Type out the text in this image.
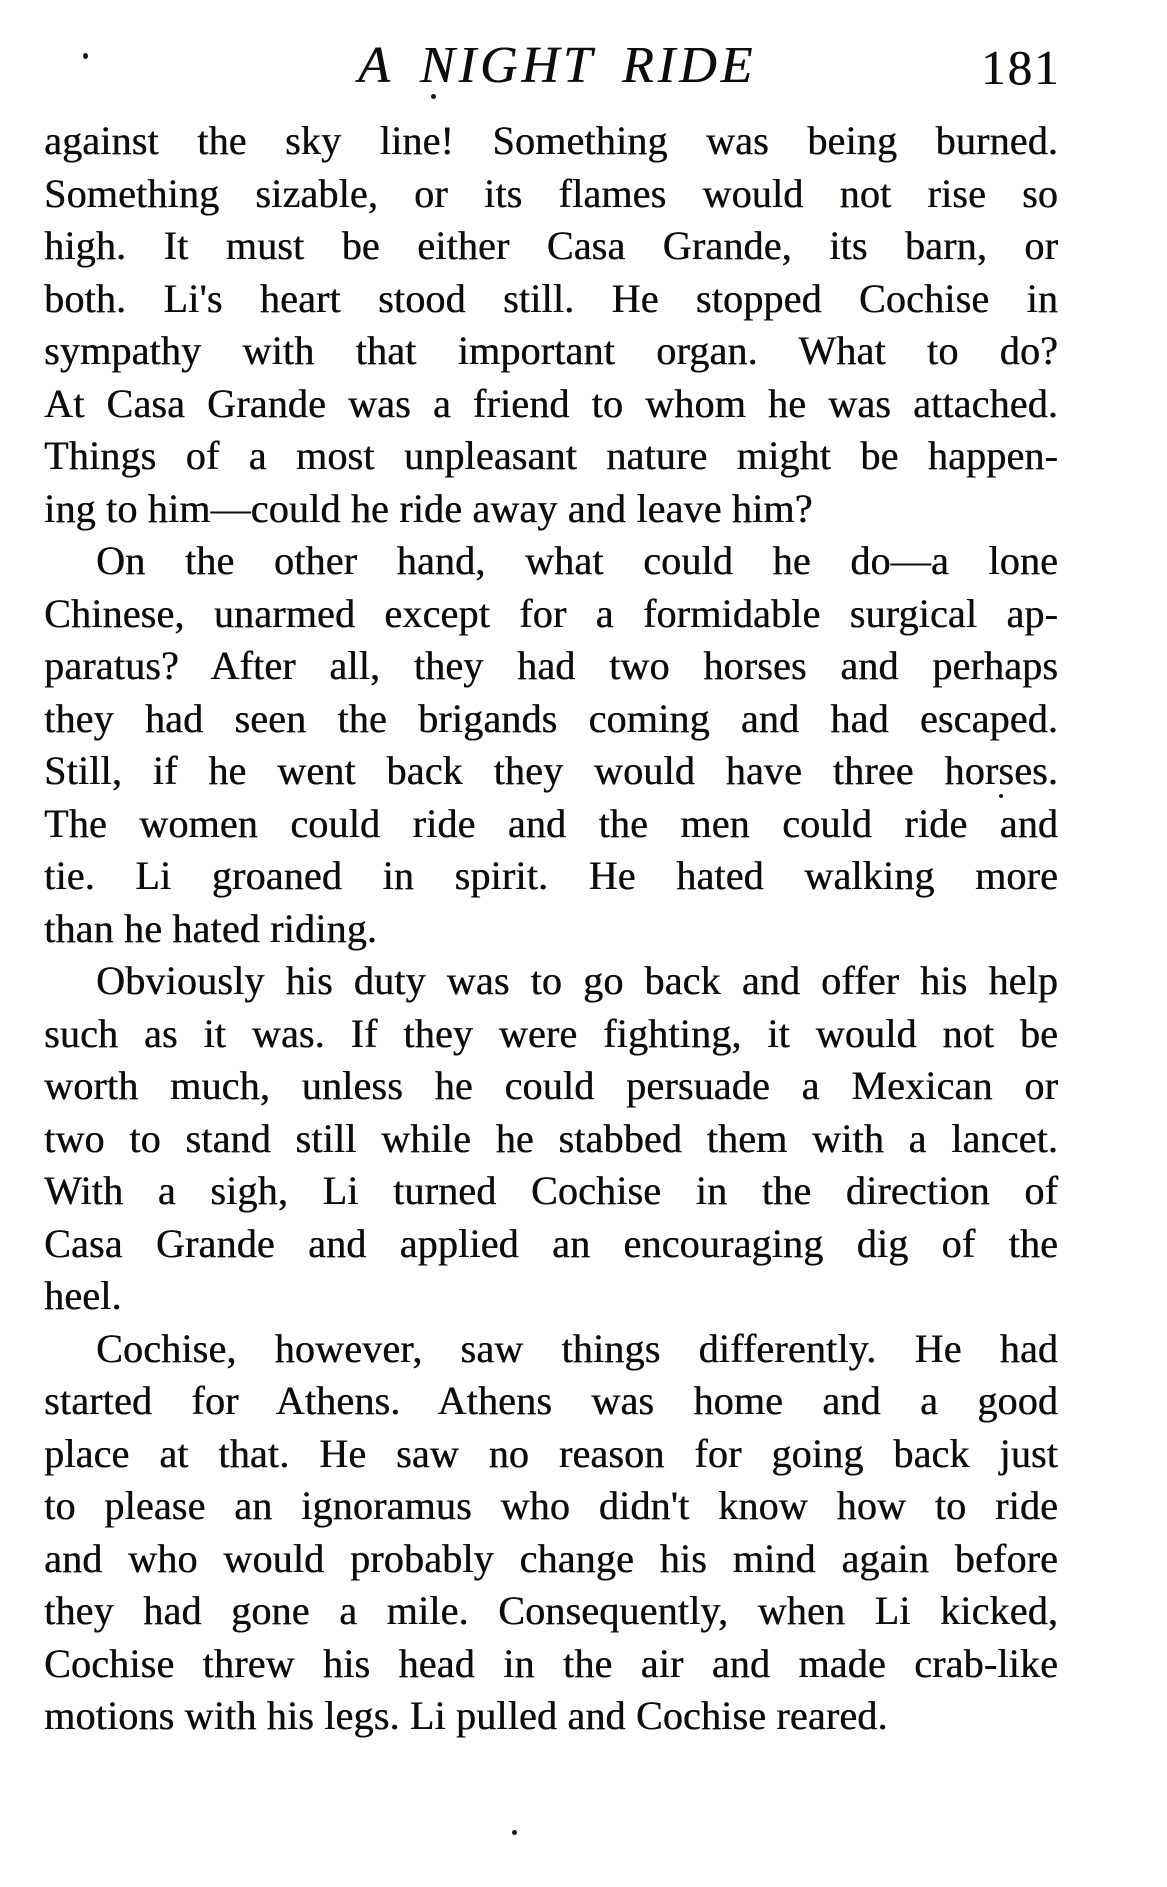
A NIGHT RIDE	181
against the sky line! Something was being burned.
Something sizable, or its flames would not rise so
high. It must be either Casa Grande, its barn, or
both. Li's heart stood still. He stopped Cochise in
sympathy with that important organ. What to do?
At Casa Grande was a friend to whom he was attached.
Things of a most unpleasant nature might be happen-
ing to him—could he ride away and leave him?
On the other hand, what could he do—a lone
Chinese, unarmed except for a formidable surgical ap-
paratus? After all, they had two horses and perhaps
they had seen the brigands coming and had escaped.
Still, if he went back they would have three horses.
The women could ride and the men could ride and
tie. Li groaned in spirit. He hated walking more
than he hated riding.
Obviously his duty was to go back and offer his help
such as it was. If they were fighting, it would not be
worth much, unless he could persuade a Mexican or
two to stand still while he stabbed them with a lancet.
With a sigh, Li turned Cochise in the direction of
Casa Grande and applied an encouraging dig of the
heel.
Cochise, however, saw things differently. He had
started for Athens. Athens was home and a good
place at that. He saw no reason for going back just
to please an ignoramus who didn't know how to ride
and who would probably change his mind again before
they had gone a mile. Consequently, when Li kicked,
Cochise threw his head in the air and made crab-like
motions with his legs. Li pulled and Cochise reared.
